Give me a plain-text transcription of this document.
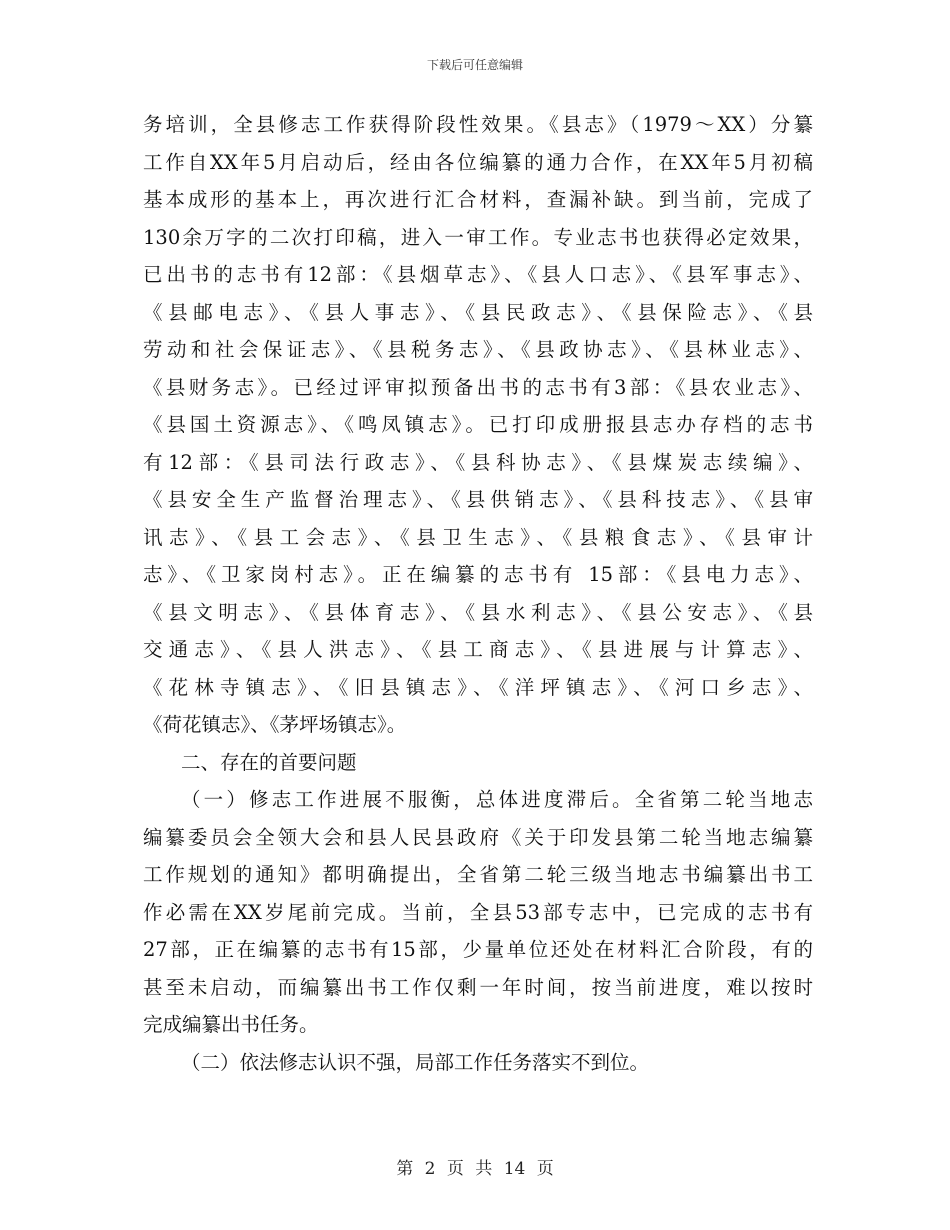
下载后可任意编辑
务培训，全县修志工作获得阶段性效果。《县志》（1979～XX）分纂
工作自XX年5月启动后，经由各位编纂的通力合作，在XX年5月初稿
基本成形的基本上，再次进行汇合材料，查漏补缺。到当前，完成了
130余万字的二次打印稿，进入一审工作。专业志书也获得必定效果，
已出书的志书有12部：《县烟草志》、《县人口志》、《县军事志》、
《县邮电志》、《县人事志》、《县民政志》、《县保险志》、《县
劳动和社会保证志》、《县税务志》、《县政协志》、《县林业志》、
《县财务志》。已经过评审拟预备出书的志书有3部：《县农业志》、
《县国土资源志》、《鸣凤镇志》。已打印成册报县志办存档的志书
有12部：《县司法行政志》、《县科协志》、《县煤炭志续编》、
《县安全生产监督治理志》、《县供销志》、《县科技志》、《县审
讯志》、《县工会志》、《县卫生志》、《县粮食志》、《县审计
志》、《卫家岗村志》。正在编纂的志书有 15部：《县电力志》、
《县文明志》、《县体育志》、《县水利志》、《县公安志》、《县
交通志》、《县人洪志》、《县工商志》、《县进展与计算志》、
《花林寺镇志》、《旧县镇志》、《洋坪镇志》、《河口乡志》、
《荷花镇志》、《茅坪场镇志》。
二、存在的首要问题
（一）修志工作进展不服衡，总体进度滞后。全省第二轮当地志
编纂委员会全领大会和县人民县政府《关于印发县第二轮当地志编纂
工作规划的通知》都明确提出，全省第二轮三级当地志书编纂出书工
作必需在XX岁尾前完成。当前，全县53部专志中，已完成的志书有
27部，正在编纂的志书有15部，少量单位还处在材料汇合阶段，有的
甚至未启动，而编纂出书工作仅剩一年时间，按当前进度，难以按时
完成编纂出书任务。
（二）依法修志认识不强，局部工作任务落实不到位。
第 2 页 共 14 页
